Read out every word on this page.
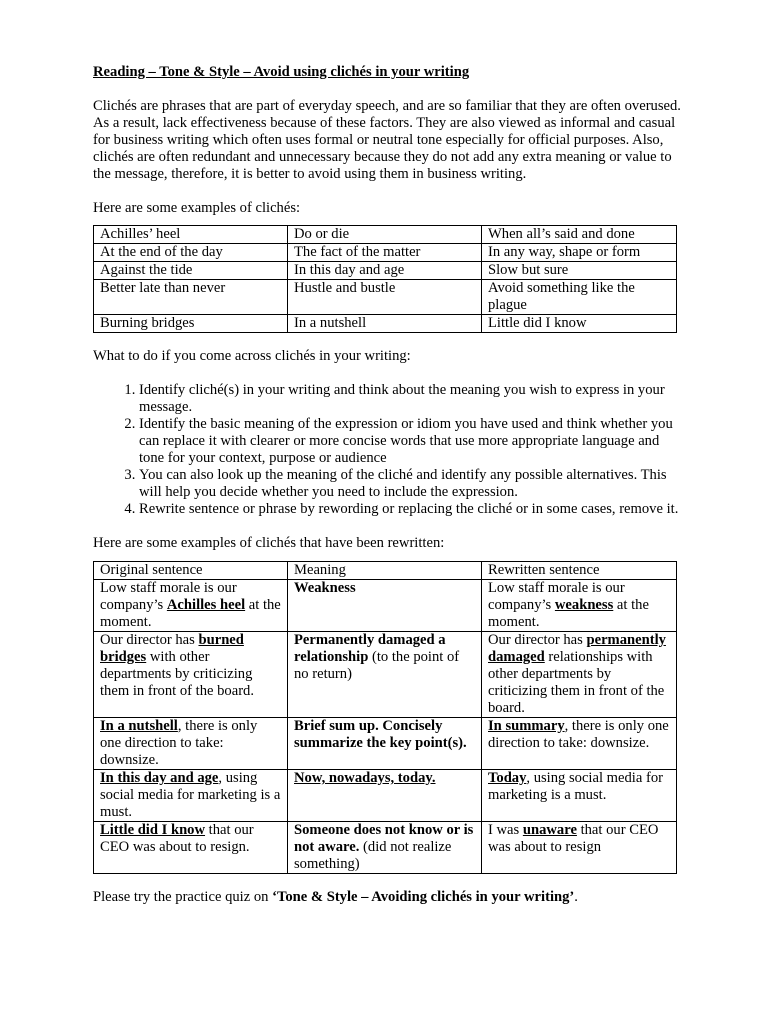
Reading – Tone & Style – Avoid using clichés in your writing

Clichés are phrases that are part of everyday speech, and are so familiar that they are often overused. As a result, lack effectiveness because of these factors. They are also viewed as informal and casual for business writing which often uses formal or neutral tone especially for official purposes. Also, clichés are often redundant and unnecessary because they do not add any extra meaning or value to the message, therefore, it is better to avoid using them in business writing.

Here are some examples of clichés:

Achilles’ heel	Do or die	When all’s said and done
At the end of the day	The fact of the matter	In any way, shape or form
Against the tide	In this day and age	Slow but sure
Better late than never	Hustle and bustle	Avoid something like the plague
Burning bridges	In a nutshell	Little did I know

What to do if you come across clichés in your writing:

1. Identify cliché(s) in your writing and think about the meaning you wish to express in your message.
2. Identify the basic meaning of the expression or idiom you have used and think whether you can replace it with clearer or more concise words that use more appropriate language and tone for your context, purpose or audience
3. You can also look up the meaning of the cliché and identify any possible alternatives. This will help you decide whether you need to include the expression.
4. Rewrite sentence or phrase by rewording or replacing the cliché or in some cases, remove it.

Here are some examples of clichés that have been rewritten:

Original sentence	Meaning	Rewritten sentence
Low staff morale is our company’s Achilles heel at the moment.	Weakness	Low staff morale is our company’s weakness at the moment.
Our director has burned bridges with other departments by criticizing them in front of the board.	Permanently damaged a relationship (to the point of no return)	Our director has permanently damaged relationships with other departments by criticizing them in front of the board.
In a nutshell, there is only one direction to take: downsize.	Brief sum up. Concisely summarize the key point(s).	In summary, there is only one direction to take: downsize.
In this day and age, using social media for marketing is a must.	Now, nowadays, today.	Today, using social media for marketing is a must.
Little did I know that our CEO was about to resign.	Someone does not know or is not aware. (did not realize something)	I was unaware that our CEO was about to resign

Please try the practice quiz on ‘Tone & Style – Avoiding clichés in your writing’.
